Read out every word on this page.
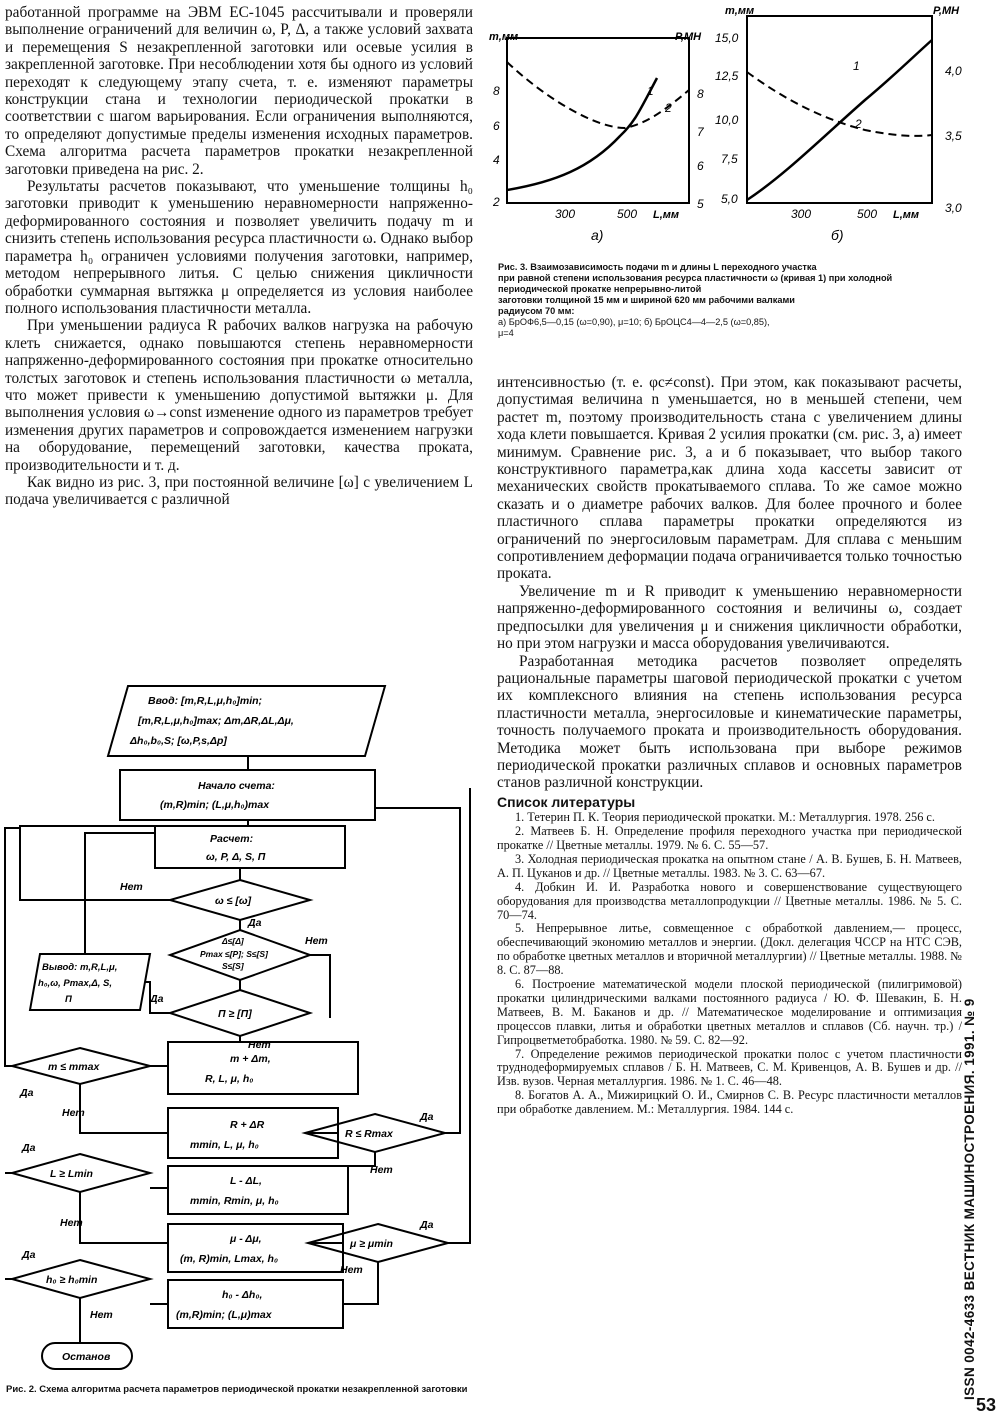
работанной программе на ЭВМ ЕС-1045 рассчитывали и проверяли выполнение ограничений для величин ω, P, Δ, а также условий захвата и перемещения S незакрепленной заготовки или осевые усилия в закрепленной заготовке. При несоблюдении хотя бы одного из условий переходят к следующему этапу счета, т. е. изменяют параметры конструкции стана и технологии периодической прокатки в соответствии с шагом варьирования. Если ограничения выполняются, то определяют допустимые пределы изменения исходных параметров. Схема алгоритма расчета параметров прокатки незакрепленной заготовки приведена на рис. 2.

Результаты расчетов показывают, что уменьшение толщины h₀ заготовки приводит к уменьшению неравномерности напряженно-деформированного состояния и позволяет увеличить подачу m и снизить степень использования ресурса пластичности ω. Однако выбор параметра h₀ ограничен условиями получения заготовки, например, методом непрерывного литья. С целью снижения цикличности обработки суммарная вытяжка μ определяется из условия наиболее полного использования пластичности металла.

При уменьшении радиуса R рабочих валков нагрузка на рабочую клеть снижается, однако повышаются степень неравномерности напряженно-деформированного состояния при прокатке относительно толстых заготовок и степень использования пластичности ω металла, что может привести к уменьшению допустимой вытяжки μ. Для выполнения условия ω→const изменение одного из параметров требует изменения других параметров и сопровождается изменением нагрузки на оборудование, перемещений заготовки, качества проката, производительности и т. д.

Как видно из рис. 3, при постоянной величине [ω] с увеличением L подача увеличивается с различной

m,мм	P,МН
2
4
6
8
5
6
7
8
300	500 L,мм
а)
1
2
m,мм	P,МН
5,0
7,5
10,0
12,5
15,0
3,0
3,5
4,0
300	500 L,мм
б)
1
2
Рис. 3. Взаимозависимость подачи m и длины L переходного участка
при равной степени использования ресурса пластичности ω (кривая 1) при холодной периодической прокатке непрерывно-литой
заготовки толщиной 15 мм и шириной 620 мм рабочими валками
радиусом 70 мм:
а) БрОФ6,5—0,15 (ω=0,90), μ=10; б) БрОЦС4—4—2,5 (ω=0,85),
μ=4

интенсивностью (т. е. φc≠const). При этом, как показывают расчеты, допустимая величина n уменьшается, но в меньшей степени, чем растет m, поэтому производительность стана с увеличением длины хода клети повышается. Кривая 2 усилия прокатки (см. рис. 3, а) имеет минимум. Сравнение рис. 3, а и б показывает, что выбор такого конструктивного параметра,как длина хода кассеты зависит от механических свойств прокатываемого сплава. То же самое можно сказать и о диаметре рабочих валков. Для более прочного и более пластичного сплава параметры прокатки определяются из ограничений по энергосиловым параметрам. Для сплава с меньшим сопротивлением деформации подача ограничивается только точностью проката.

Увеличение m и R приводит к уменьшению неравномерности напряженно-деформированного состояния и величины ω, создает предпосылки для увеличения μ и снижения цикличности обработки, но при этом нагрузки и масса оборудования увеличиваются.

Разработанная методика расчетов позволяет определять рациональные параметры шаговой периодической прокатки с учетом их комплексного влияния на степень использования ресурса пластичности металла, энергосиловые и кинематические параметры, точность получаемого проката и производительность оборудования. Методика может быть использована при выборе режимов периодической прокатки различных сплавов и основных параметров станов различной конструкции.

Список литературы

1. Тетерин П. К. Теория периодической прокатки. М.: Металлургия. 1978. 256 с.

2. Матвеев Б. Н. Определение профиля переходного участка при периодической прокатке // Цветные металлы. 1979. № 6. С. 55—57.

3. Холодная периодическая прокатка на опытном стане / А. В. Бушев, Б. Н. Матвеев, А. П. Цуканов и др. // Цветные металлы. 1983. № 3. С. 63—67.

4. Добкин И. И. Разработка нового и совершенствование существующего оборудования для производства металлопродукции // Цветные металлы. 1986. № 5. С. 70—74.

5. Непрерывное литье, совмещенное с обработкой давлением,— процесс, обеспечивающий экономию металлов и энергии. (Докл. делегация ЧССР на НТС СЭВ, по обработке цветных металлов и вторичной металлургии) // Цветные металлы. 1988. № 8. С. 87—88.

6. Построение математической модели плоской периодической (пилигримовой) прокатки цилиндрическими валками постоянного радиуса / Ю. Ф. Шевакин, Б. Н. Матвеев, В. М. Баканов и др. // Математическое моделирование и оптимизация процессов плавки, литья и обработки цветных металлов и сплавов (Сб. научн. тр.) / Гипроцветметобработка. 1980. № 59. С. 82—92.

7. Определение режимов периодической прокатки полос с учетом пластичности труднодеформируемых сплавов / Б. Н. Матвеев, С. М. Кривенцов, А. В. Бушев и др. // Изв. вузов. Черная металлургия. 1986. № 1. С. 46—48.

8. Богатов А. А., Мижирицкий О. И., Смирнов С. В. Ресурс пластичности металлов при обработке давлением. М.: Металлургия. 1984. 144 с.

Ввод: [m,R,L,μ,h₀]min;
[m,R,L,μ,h₀]max; Δm,ΔR,ΔL,Δμ,
Δh₀,b₀,S; [ω,P,s,Δp]
Начало счета:
(m,R)min; (L,μ,h₀)max
Расчет:
ω, P, Δ, S, П
ω ≤ [ω]
Δ≤[Δ]
Pmax ≤[P]; S≤[S]
S≤[S]
П ≥ [П]
Вывод: m,R,L,μ,
h₀,ω, Pmax,Δ, S,
П
m + Δm,
R, L, μ, h₀
m ≤ mmax
R + ΔR
mmin, L, μ, h₀
R ≤ Rmax
L - ΔL,
mmin, Rmin, μ, h₀
L ≥ Lmin
μ - Δμ,
(m, R)min, Lmax, h₀
μ ≥ μmin
h₀ - Δh₀,
(m,R)min; (L,μ)max
h₀ ≥ h₀min
Останов
Нет
Да
Нет
Да
Нет
Да
Нет	Да
Нет
Да
Нет	Да
Нет
Да
Нет
Рис. 2. Схема алгоритма расчета параметров периодической прокатки незакрепленной заготовки	ISSN 0042-4633 ВЕСТНИК МАШИНОСТРОЕНИЯ. 1991. № 9
53
